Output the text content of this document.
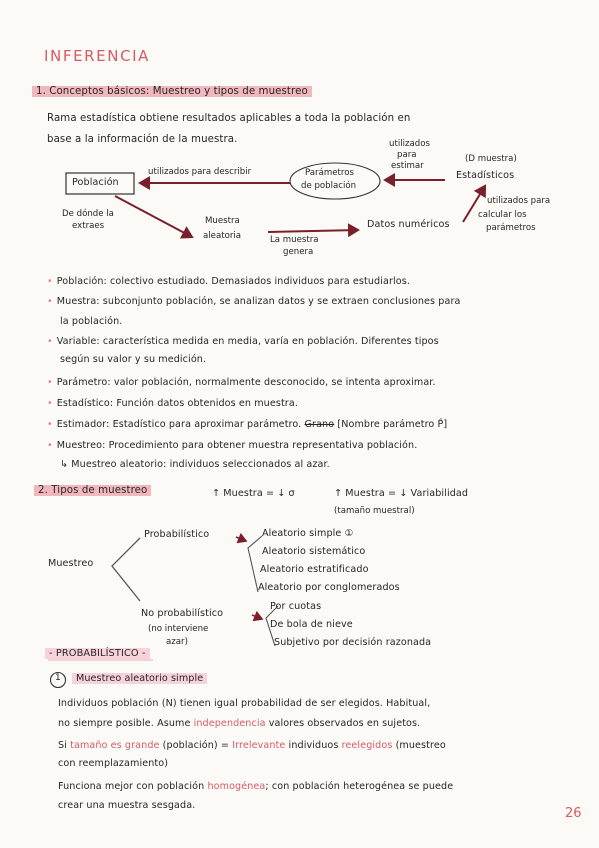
INFERENCIA
1. Conceptos básicos: Muestreo y tipos de muestreo
Rama estadística obtiene resultados aplicables a toda la población en
base a la información de la muestra.
Población
utilizados para describir	Parámetros
de población
utilizados
para
estimar
(D muestra)
Estadísticos
De dónde la
extraes	Muestra
aleatoria	La muestra
genera
Datos numéricos
utilizados para
calcular los
parámetros
• Población: colectivo estudiado. Demasiados individuos para estudiarlos.
• Muestra: subconjunto población, se analizan datos y se extraen conclusiones para
la población.
• Variable: característica medida en media, varía en población. Diferentes tipos
según su valor y su medición.
• Parámetro: valor población, normalmente desconocido, se intenta aproximar.
• Estadístico: Función datos obtenidos en muestra.
• Estimador: Estadístico para aproximar parámetro. Grano [Nombre parámetro P̂]
• Muestreo: Procedimiento para obtener muestra representativa población.
↳ Muestreo aleatorio: individuos seleccionados al azar.
2. Tipos de muestreo	↑ Muestra = ↓ σ	↑ Muestra = ↓ Variabilidad
(tamaño muestral)
Muestreo
Probabilístico	Aleatorio simple ①
Aleatorio sistemático
Aleatorio estratificado
Aleatorio por conglomerados
No probabilístico
(no interviene
azar)
Por cuotas
De bola de nieve
Subjetivo por decisión razonada
- PROBABILÍSTICO -
1	Muestreo aleatorio simple
Individuos población (N) tienen igual probabilidad de ser elegidos. Habitual,
no siempre posible. Asume independencia valores observados en sujetos.
Si tamaño es grande (población) = Irrelevante individuos reelegidos (muestreo
con reemplazamiento)
Funciona mejor con población homogénea; con población heterogénea se puede
crear una muestra sesgada.
26
